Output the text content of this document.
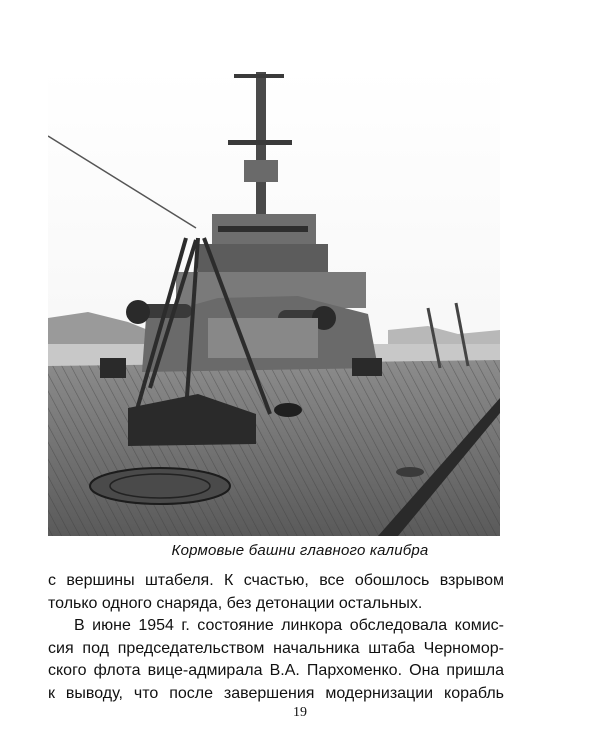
Кормовые башни главного калибра
с вершины штабеля. К счастью, все обошлось взрывом
только одного снаряда, без детонации остальных.
В июне 1954 г. состояние линкора обследовала комис-
сия под председательством начальника штаба Черномор-
ского флота вице-адмирала В.А. Пархоменко. Она пришла
к выводу, что после завершения модернизации корабль
19
